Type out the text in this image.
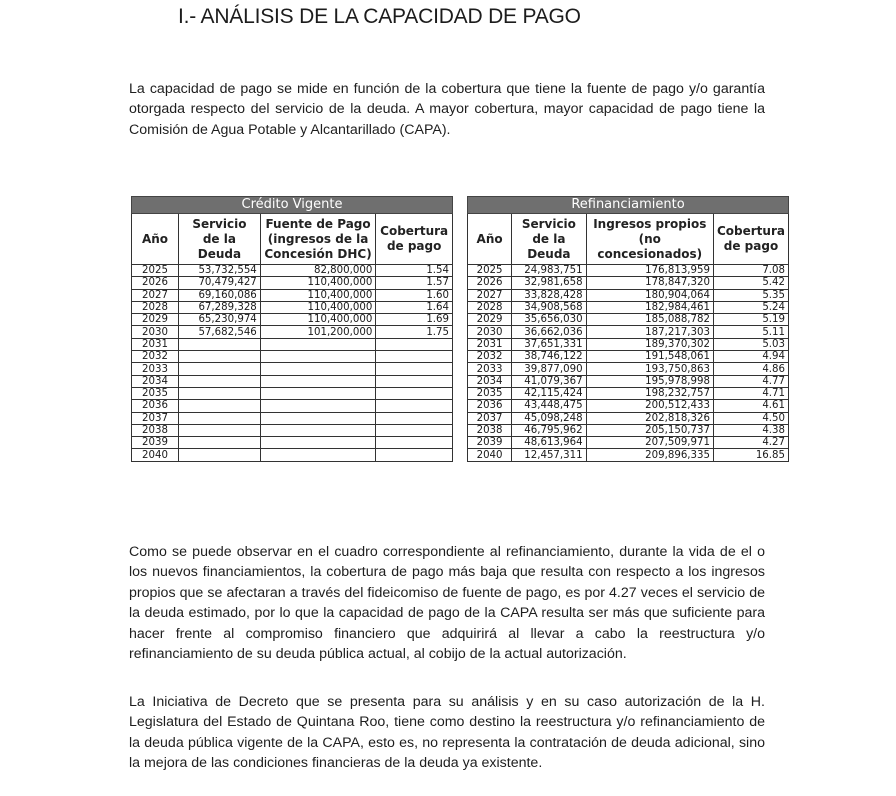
I.- ANÁLISIS DE LA CAPACIDAD DE PAGO

La capacidad de pago se mide en función de la cobertura que tiene la fuente de pago y/o garantía otorgada respecto del servicio de la deuda. A mayor cobertura, mayor capacidad de pago tiene la Comisión de Agua Potable y Alcantarillado (CAPA).

Crédito Vigente			
Año	Servicio de la Deuda	Fuente de Pago (ingresos de la Concesión DHC)	Cobertura de pago
2025	53,732,554	82,800,000	1.54
2026	70,479,427	110,400,000	1.57
2027	69,160,086	110,400,000	1.60
2028	67,289,328	110,400,000	1.64
2029	65,230,974	110,400,000	1.69
2030	57,682,546	101,200,000	1.75
2031			
2032			
2033			
2034			
2035			
2036			
2037			
2038			
2039			
2040			
Refinanciamiento			
Año	Servicio de la Deuda	Ingresos propios (no concesionados)	Cobertura de pago
2025	24,983,751	176,813,959	7.08
2026	32,981,658	178,847,320	5.42
2027	33,828,428	180,904,064	5.35
2028	34,908,568	182,984,461	5.24
2029	35,656,030	185,088,782	5.19
2030	36,662,036	187,217,303	5.11
2031	37,651,331	189,370,302	5.03
2032	38,746,122	191,548,061	4.94
2033	39,877,090	193,750,863	4.86
2034	41,079,367	195,978,998	4.77
2035	42,115,424	198,232,757	4.71
2036	43,448,475	200,512,433	4.61
2037	45,098,248	202,818,326	4.50
2038	46,795,962	205,150,737	4.38
2039	48,613,964	207,509,971	4.27
2040	12,457,311	209,896,335	16.85

Como se puede observar en el cuadro correspondiente al refinanciamiento, durante la vida de el o los nuevos financiamientos, la cobertura de pago más baja que resulta con respecto a los ingresos propios que se afectaran a través del fideicomiso de fuente de pago, es por 4.27 veces el servicio de la deuda estimado, por lo que la capacidad de pago de la CAPA resulta ser más que suficiente para hacer frente al compromiso financiero que adquirirá al llevar a cabo la reestructura y/o refinanciamiento de su deuda pública actual, al cobijo de la actual autorización.

La Iniciativa de Decreto que se presenta para su análisis y en su caso autorización de la H. Legislatura del Estado de Quintana Roo, tiene como destino la reestructura y/o refinanciamiento de la deuda pública vigente de la CAPA, esto es, no representa la contratación de deuda adicional, sino la mejora de las condiciones financieras de la deuda ya existente.
